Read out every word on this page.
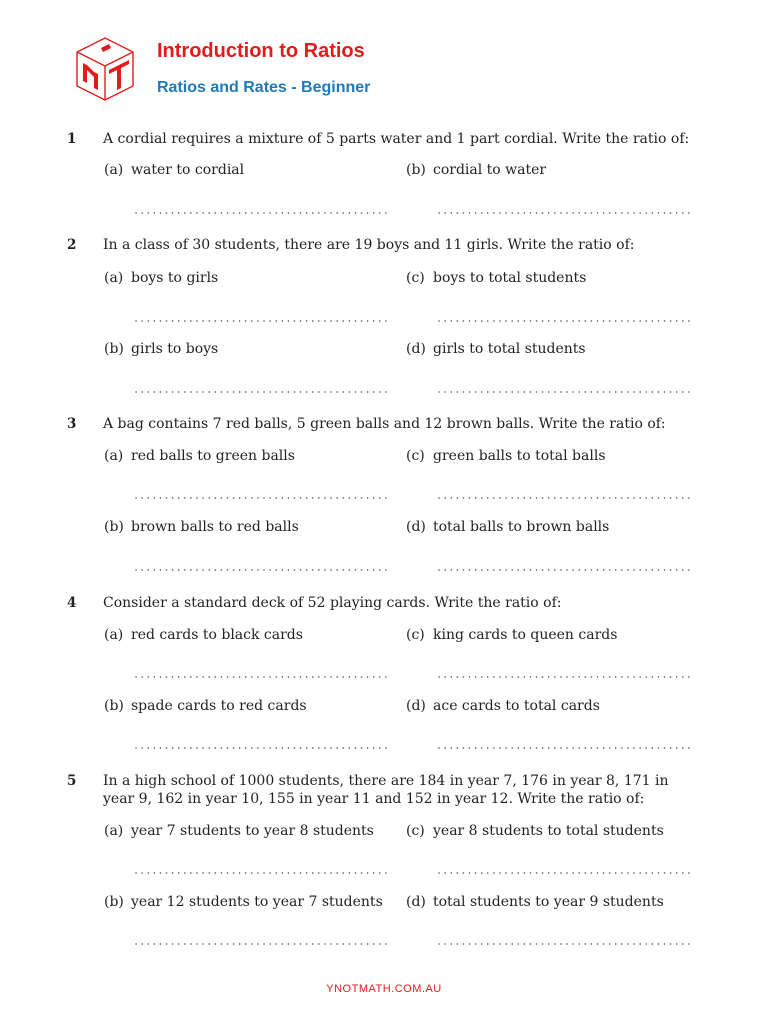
Introduction to Ratios
Ratios and Rates - Beginner
1 A cordial requires a mixture of 5 parts water and 1 part cordial. Write the ratio of:
(a) water to cordial	(b) cordial to water
2 In a class of 30 students, there are 19 boys and 11 girls. Write the ratio of:
(a) boys to girls	(c) boys to total students
(b) girls to boys	(d) girls to total students
3 A bag contains 7 red balls, 5 green balls and 12 brown balls. Write the ratio of:
(a) red balls to green balls	(c) green balls to total balls
(b) brown balls to red balls	(d) total balls to brown balls
4 Consider a standard deck of 52 playing cards. Write the ratio of:
(a) red cards to black cards	(c) king cards to queen cards
(b) spade cards to red cards	(d) ace cards to total cards
5 In a high school of 1000 students, there are 184 in year 7, 176 in year 8, 171 in year 9, 162 in year 10, 155 in year 11 and 152 in year 12. Write the ratio of:
(a) year 7 students to year 8 students (c) year 8 students to total students
(b) year 12 students to year 7 students (d) total students to year 9 students
YNOTMATH.COM.AU
